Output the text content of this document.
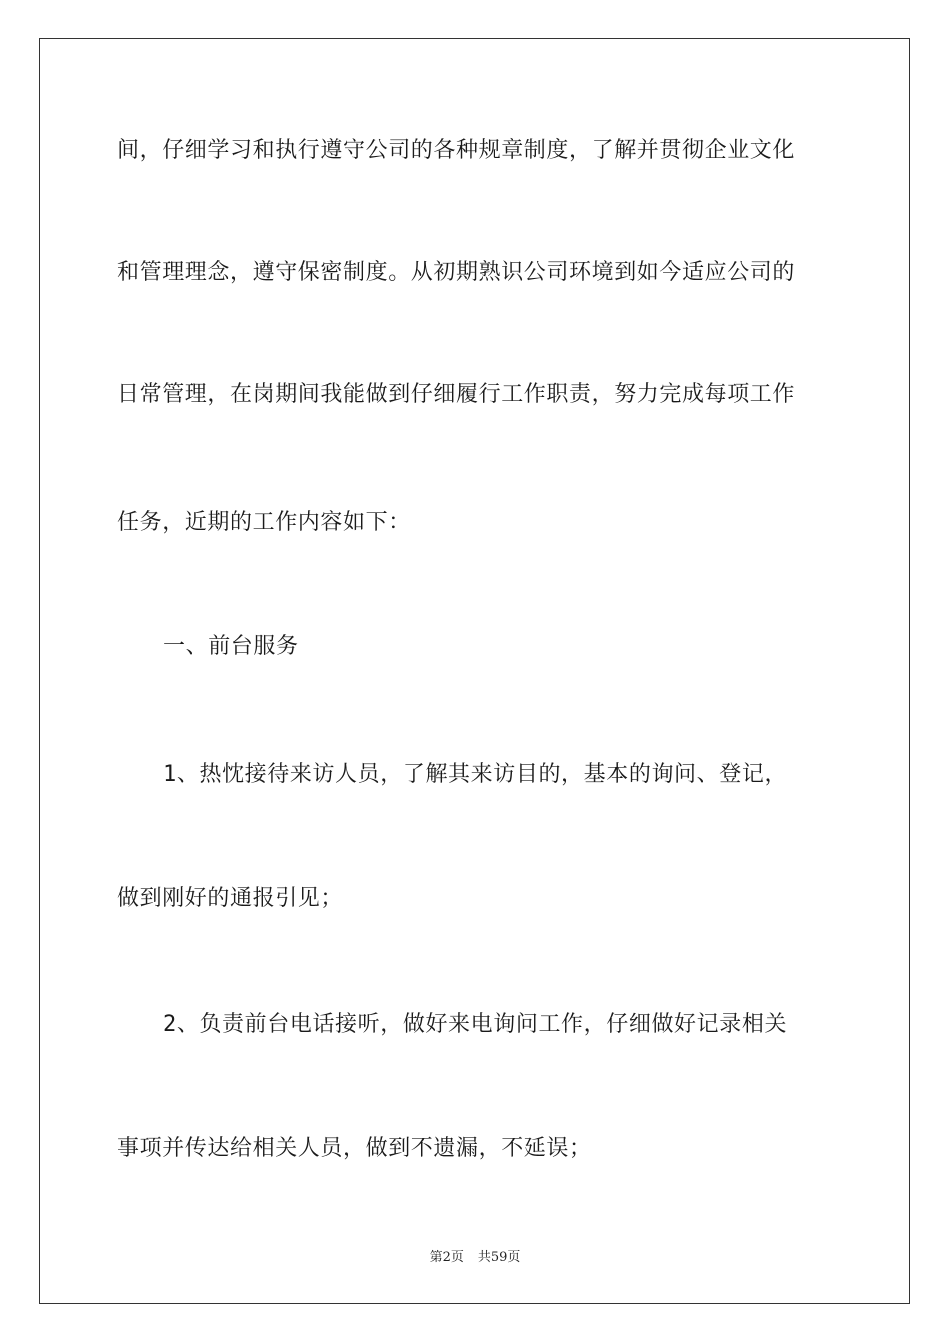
间，仔细学习和执行遵守公司的各种规章制度，了解并贯彻企业文化
和管理理念，遵守保密制度。从初期熟识公司环境到如今适应公司的
日常管理，在岗期间我能做到仔细履行工作职责，努力完成每项工作
任务，近期的工作内容如下：
一、前台服务
1、热忱接待来访人员，了解其来访目的，基本的询问、登记，
做到刚好的通报引见；
2、负责前台电话接听，做好来电询问工作，仔细做好记录相关
事项并传达给相关人员，做到不遗漏，不延误；
第2页 共59页
